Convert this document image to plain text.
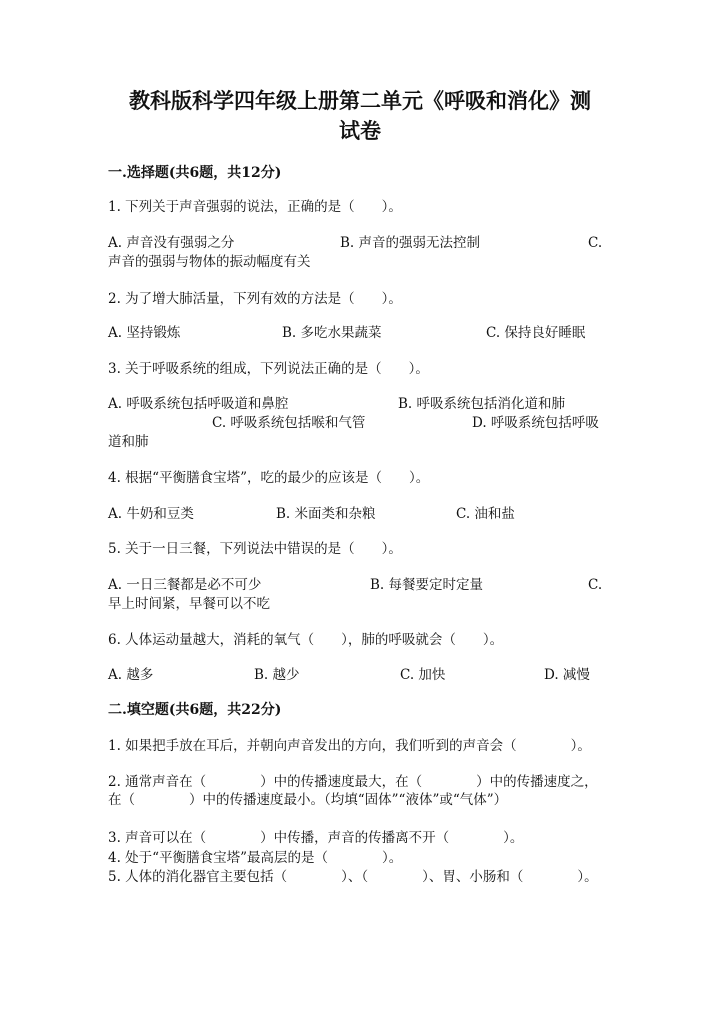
教科版科学四年级上册第二单元《呼吸和消化》测
试卷
一.选择题(共6题，共12分)
1. 下列关于声音强弱的说法，正确的是（　　）。
A. 声音没有强弱之分	B. 声音的强弱无法控制	C.
声音的强弱与物体的振动幅度有关
2. 为了增大肺活量，下列有效的方法是（　　）。
A. 坚持锻炼	B. 多吃水果蔬菜	C. 保持良好睡眠
3. 关于呼吸系统的组成，下列说法正确的是（　　）。
A. 呼吸系统包括呼吸道和鼻腔	B. 呼吸系统包括消化道和肺
C. 呼吸系统包括喉和气管	D. 呼吸系统包括呼吸
道和肺
4. 根据“平衡膳食宝塔”，吃的最少的应该是（　　）。
A. 牛奶和豆类	B. 米面类和杂粮	C. 油和盐
5. 关于一日三餐，下列说法中错误的是（　　）。
A. 一日三餐都是必不可少	B. 每餐要定时定量	C.
早上时间紧，早餐可以不吃
6. 人体运动量越大，消耗的氧气（　　），肺的呼吸就会（　　）。
A. 越多	B. 越少	C. 加快	D. 减慢
二.填空题(共6题，共22分)
1. 如果把手放在耳后，并朝向声音发出的方向，我们听到的声音会（　　　　）。
2. 通常声音在（　　　　）中的传播速度最大，在（　　　　）中的传播速度之，在（　　　　）中的传播速度最小。（均填“固体”“液体”或“气体”）
3. 声音可以在（　　　　）中传播，声音的传播离不开（　　　　）。
4. 处于“平衡膳食宝塔”最高层的是（　　　　）。
5. 人体的消化器官主要包括（　　　　）、（　　　　）、胃、小肠和（　　　　）。
